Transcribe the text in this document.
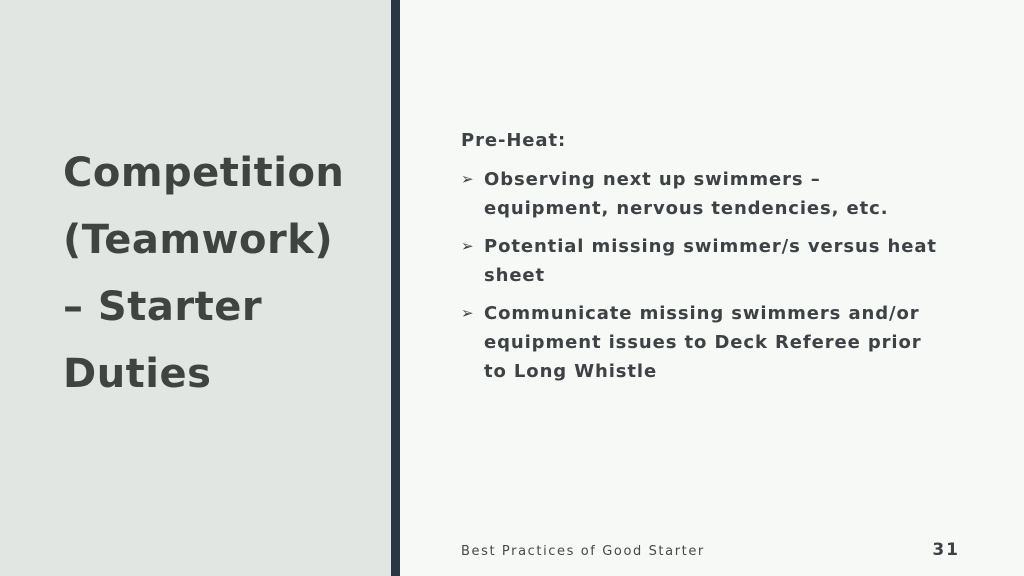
Competition
(Teamwork)
– Starter
Duties
Pre-Heat:
➢ Observing next up swimmers –
equipment, nervous tendencies, etc.
➢ Potential missing swimmer/s versus heat
sheet
➢ Communicate missing swimmers and/or
equipment issues to Deck Referee prior
to Long Whistle
Best Practices of Good Starter	31
